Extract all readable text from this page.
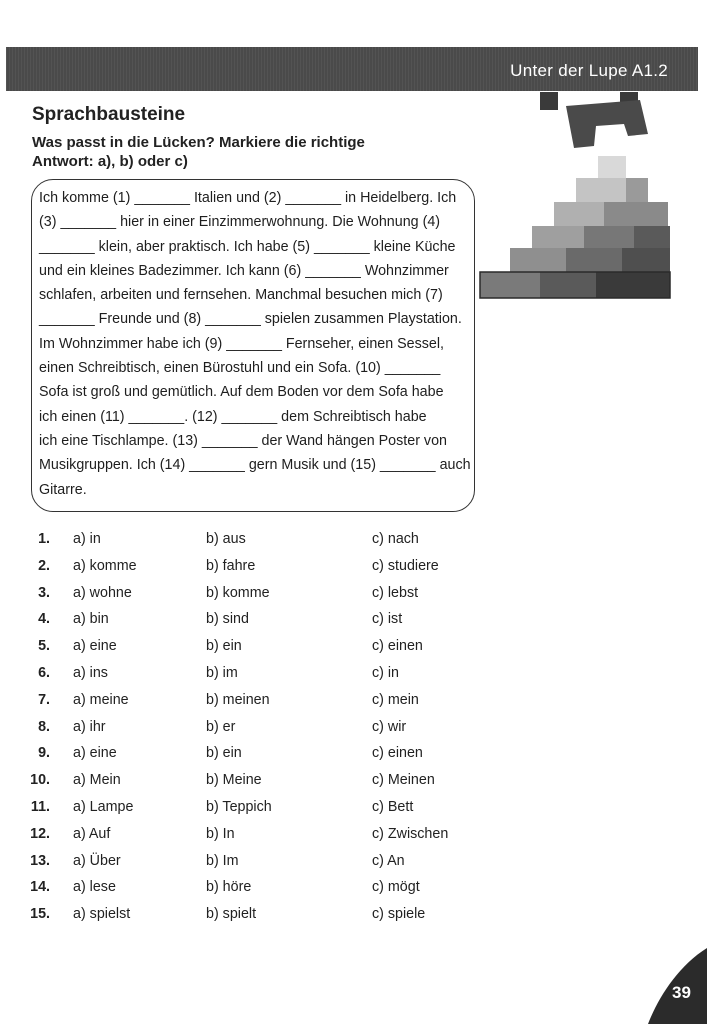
Unter der Lupe A1.2
Sprachbausteine
Was passt in die Lücken? Markiere die richtige
Antwort: a), b) oder c)
Ich komme (1) _______ Italien und (2) _______ in Heidelberg. Ich
(3) _______ hier in einer Einzimmerwohnung. Die Wohnung (4)
_______ klein, aber praktisch. Ich habe (5) _______ kleine Küche
und ein kleines Badezimmer. Ich kann (6) _______ Wohnzimmer
schlafen, arbeiten und fernsehen. Manchmal besuchen mich (7)
_______ Freunde und (8) _______ spielen zusammen Playstation.
Im Wohnzimmer habe ich (9) _______ Fernseher, einen Sessel,
einen Schreibtisch, einen Bürostuhl und ein Sofa. (10) _______
Sofa ist groß und gemütlich. Auf dem Boden vor dem Sofa habe
ich einen (11) _______. (12) _______ dem Schreibtisch habe
ich eine Tischlampe. (13) _______ der Wand hängen Poster von
Musikgruppen. Ich (14) _______ gern Musik und (15) _______ auch
Gitarre.
1. a) in	b) aus	c) nach
2. a) komme	b) fahre	c) studiere
3. a) wohne	b) komme	c) lebst
4. a) bin	b) sind	c) ist
5. a) eine	b) ein	c) einen
6. a) ins	b) im	c) in
7. a) meine	b) meinen	c) mein
8. a) ihr	b) er	c) wir
9. a) eine	b) ein	c) einen
10. a) Mein	b) Meine	c) Meinen
11. a) Lampe	b) Teppich	c) Bett
12. a) Auf	b) In	c) Zwischen
13. a) Über	b) Im	c) An
14. a) lese	b) höre	c) mögt
15. a) spielst	b) spielt	c) spiele
39
